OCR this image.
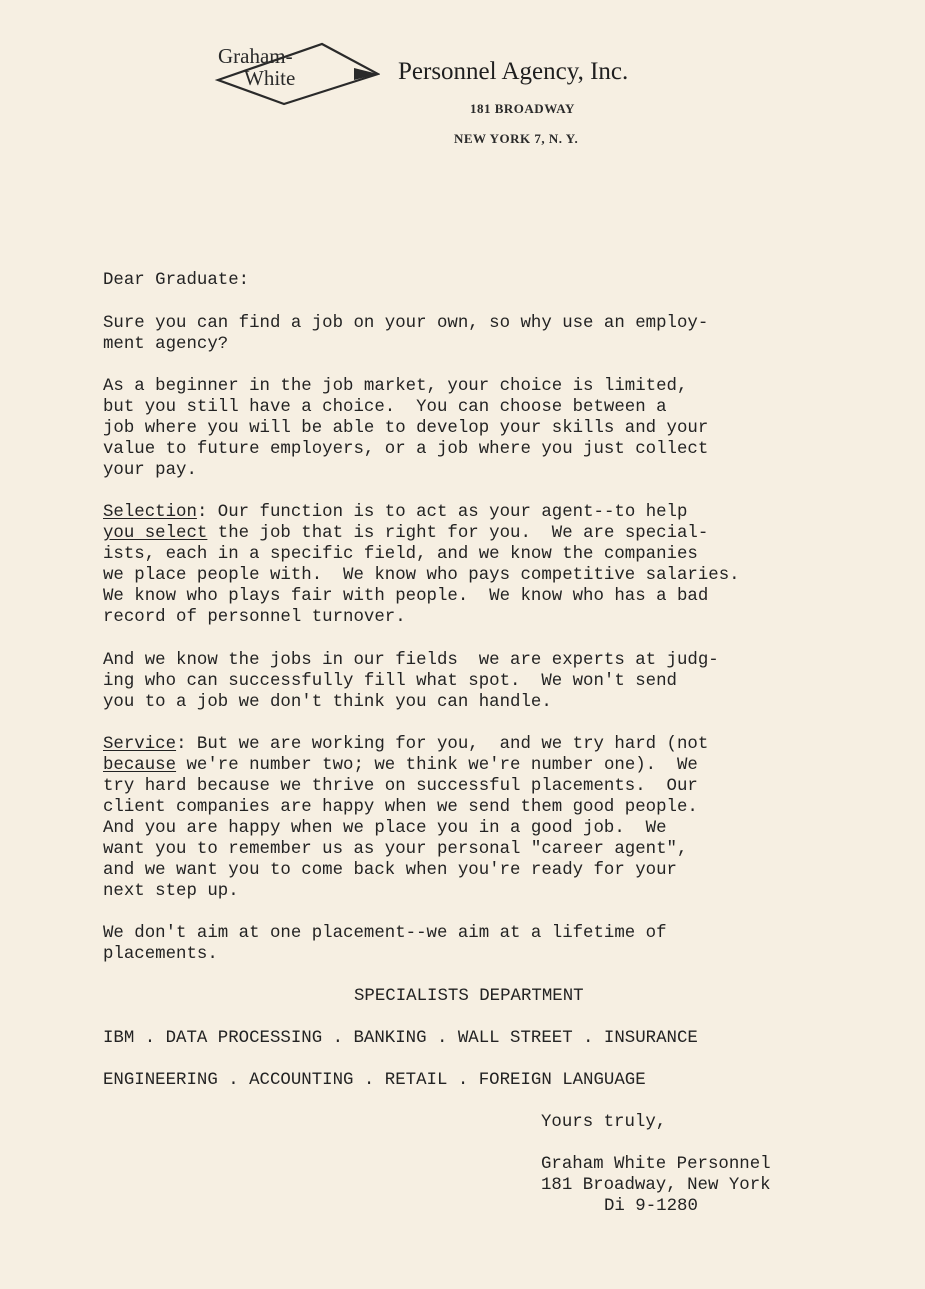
Graham-
White	Personnel Agency, Inc.
181 BROADWAY
NEW YORK 7, N. Y.
Dear Graduate:
Sure you can find a job on your own, so why use an employ-
ment agency?
As a beginner in the job market, your choice is limited,
but you still have a choice.  You can choose between a
job where you will be able to develop your skills and your
value to future employers, or a job where you just collect
your pay.
Selection: Our function is to act as your agent--to help
you select the job that is right for you.  We are special-
ists, each in a specific field, and we know the companies
we place people with.  We know who pays competitive salaries.
We know who plays fair with people.  We know who has a bad
record of personnel turnover.
And we know the jobs in our fields  we are experts at judg-
ing who can successfully fill what spot.  We won't send
you to a job we don't think you can handle.
Service: But we are working for you,  and we try hard (not
because we're number two; we think we're number one).  We
try hard because we thrive on successful placements.  Our
client companies are happy when we send them good people.
And you are happy when we place you in a good job.  We
want you to remember us as your personal "career agent",
and we want you to come back when you're ready for your
next step up.
We don't aim at one placement--we aim at a lifetime of
placements.
SPECIALISTS DEPARTMENT
IBM . DATA PROCESSING . BANKING . WALL STREET . INSURANCE
ENGINEERING . ACCOUNTING . RETAIL . FOREIGN LANGUAGE
Yours truly,
Graham White Personnel
181 Broadway, New York
Di 9-1280
